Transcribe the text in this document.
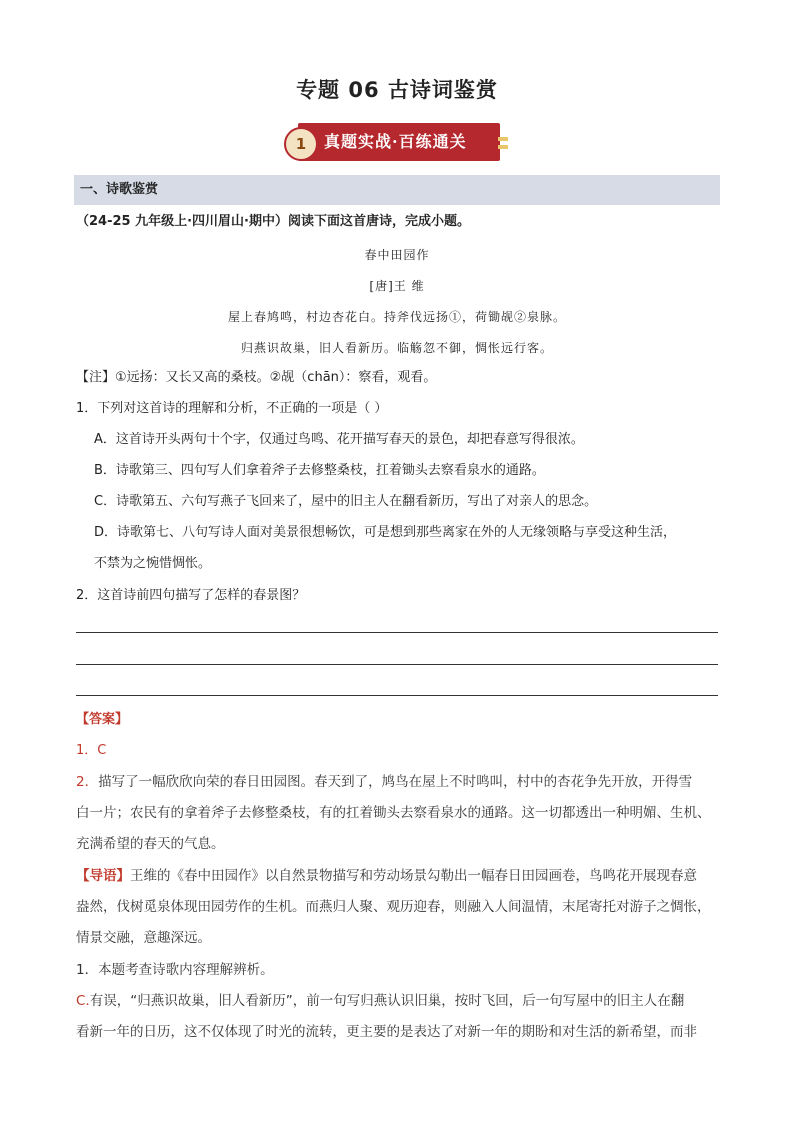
专题 06 古诗词鉴赏
1	真题实战·百练通关
一、诗歌鉴赏
（24-25 九年级上·四川眉山·期中）阅读下面这首唐诗，完成小题。
春中田园作
[唐]王 维
屋上春鸠鸣，村边杏花白。持斧伐远扬①，荷锄觇②泉脉。
归燕识故巢，旧人看新历。临觞忽不御，惆怅远行客。
【注】①远扬：又长又高的桑枝。②觇（chān）：察看，观看。
1．下列对这首诗的理解和分析，不正确的一项是（ ）
A．这首诗开头两句十个字，仅通过鸟鸣、花开描写春天的景色，却把春意写得很浓。
B．诗歌第三、四句写人们拿着斧子去修整桑枝，扛着锄头去察看泉水的通路。
C．诗歌第五、六句写燕子飞回来了，屋中的旧主人在翻看新历，写出了对亲人的思念。
D．诗歌第七、八句写诗人面对美景很想畅饮，可是想到那些离家在外的人无缘领略与享受这种生活，
不禁为之惋惜惆怅。
2．这首诗前四句描写了怎样的春景图？
【答案】
1．C
2．描写了一幅欣欣向荣的春日田园图。春天到了，鸠鸟在屋上不时鸣叫，村中的杏花争先开放，开得雪
白一片；农民有的拿着斧子去修整桑枝，有的扛着锄头去察看泉水的通路。这一切都透出一种明媚、生机、
充满希望的春天的气息。
【导语】王维的《春中田园作》以自然景物描写和劳动场景勾勒出一幅春日田园画卷，鸟鸣花开展现春意
盎然，伐树觅泉体现田园劳作的生机。而燕归人聚、观历迎春，则融入人间温情，末尾寄托对游子之惆怅，
情景交融，意趣深远。
1．本题考查诗歌内容理解辨析。
C.有误，“归燕识故巢，旧人看新历”，前一句写归燕认识旧巢，按时飞回，后一句写屋中的旧主人在翻
看新一年的日历，这不仅体现了时光的流转，更主要的是表达了对新一年的期盼和对生活的新希望，而非
